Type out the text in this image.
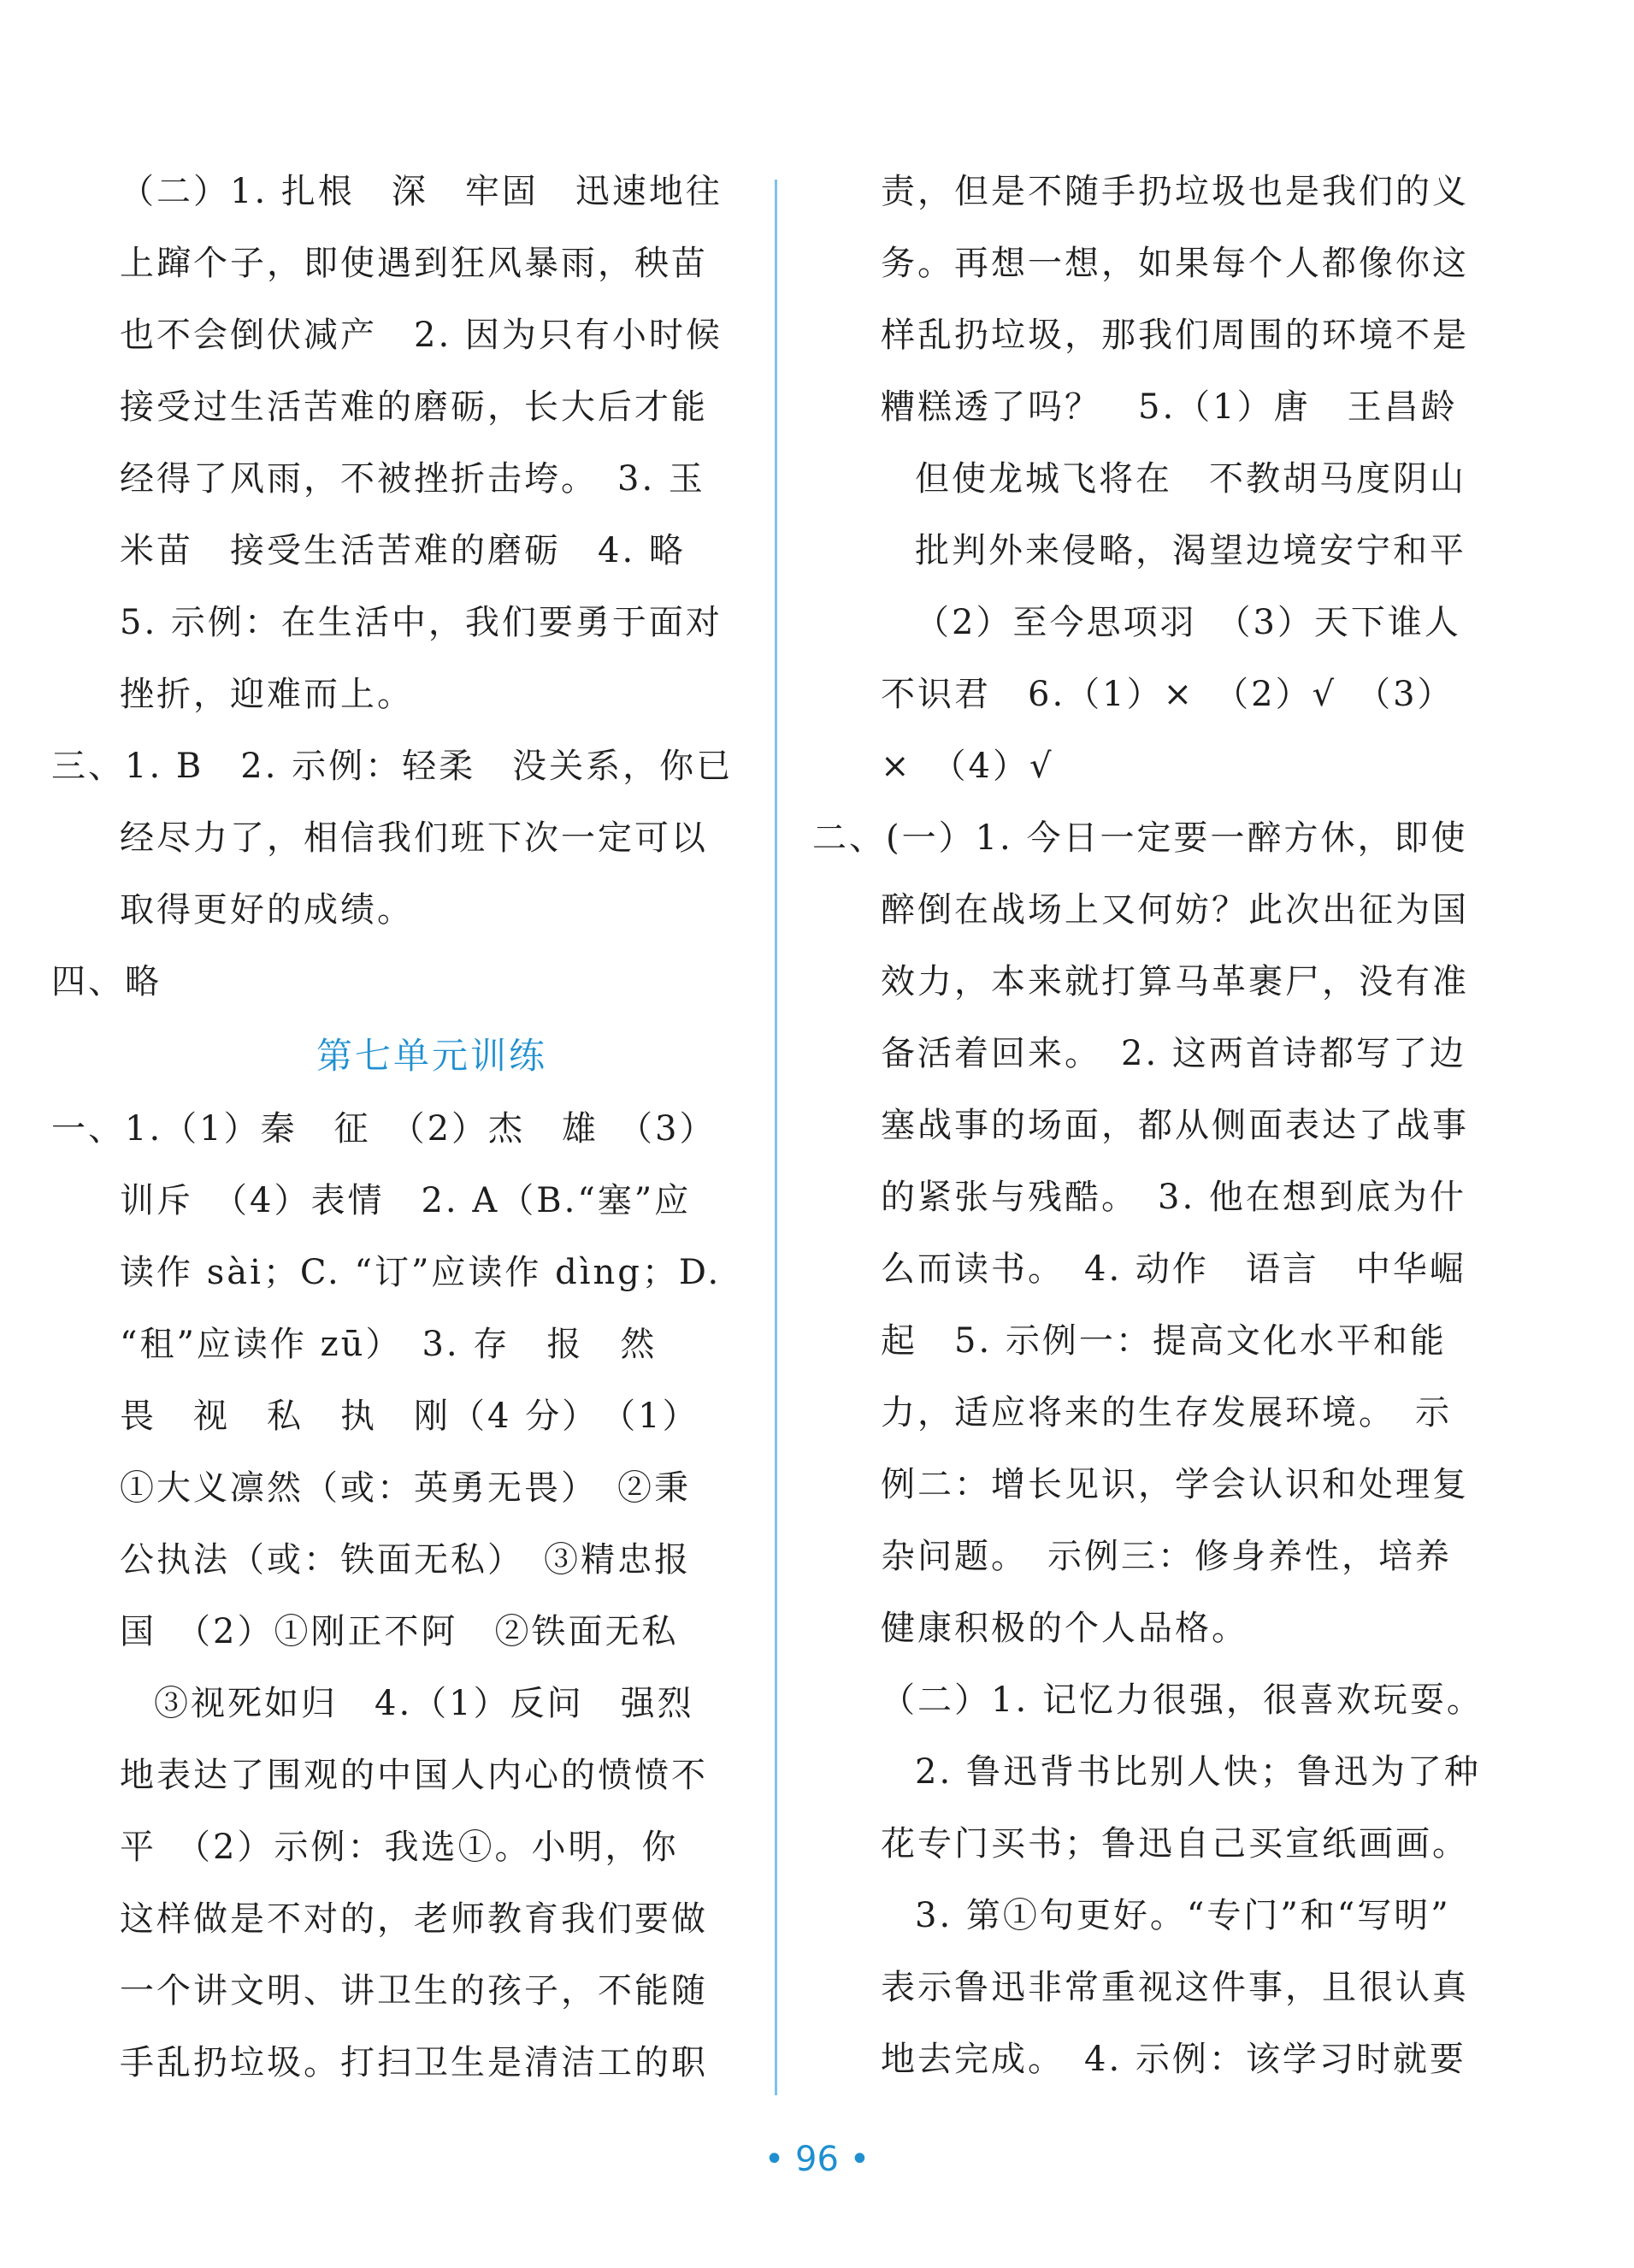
（二）1. 扎根　深　牢固　迅速地往
上蹿个子，即使遇到狂风暴雨，秧苗
也不会倒伏减产　2. 因为只有小时候
接受过生活苦难的磨砺，长大后才能
经得了风雨，不被挫折击垮。　3. 玉
米苗　接受生活苦难的磨砺　4. 略
5. 示例：在生活中，我们要勇于面对
挫折，迎难而上。
三、1. B　2. 示例：轻柔　没关系，你已
经尽力了，相信我们班下次一定可以
取得更好的成绩。
四、略
第七单元训练
一、1.（1）秦　征　（2）杰　雄　（3）
训斥　（4）表情　2. A（B.“塞”应
读作 sài；C. “订”应读作 dìng；D.
“租”应读作 zū）　3. 存　报　然
畏　视　私　执　刚（4 分）　（1）
①大义凛然（或：英勇无畏）　②秉
公执法（或：铁面无私）　③精忠报
国　（2）①刚正不阿　②铁面无私
③视死如归　4.（1）反问　强烈
地表达了围观的中国人内心的愤愤不
平　（2）示例：我选①。小明，你
这样做是不对的，老师教育我们要做
一个讲文明、讲卫生的孩子，不能随
手乱扔垃圾。打扫卫生是清洁工的职
责，但是不随手扔垃圾也是我们的义
务。再想一想，如果每个人都像你这
样乱扔垃圾，那我们周围的环境不是
糟糕透了吗？　5.（1）唐　王昌龄
但使龙城飞将在　不教胡马度阴山
批判外来侵略，渴望边境安宁和平
（2）至今思项羽　（3）天下谁人
不识君　6.（1）×　（2）√　（3）
×　（4）√
二、(一）1. 今日一定要一醉方休，即使
醉倒在战场上又何妨？此次出征为国
效力，本来就打算马革裹尸，没有准
备活着回来。　2. 这两首诗都写了边
塞战事的场面，都从侧面表达了战事
的紧张与残酷。　3. 他在想到底为什
么而读书。　4. 动作　语言　中华崛
起　5. 示例一：提高文化水平和能
力，适应将来的生存发展环境。　示
例二：增长见识，学会认识和处理复
杂问题。　示例三：修身养性，培养
健康积极的个人品格。
（二）1. 记忆力很强，很喜欢玩耍。
2. 鲁迅背书比别人快；鲁迅为了种
花专门买书；鲁迅自己买宣纸画画。
3. 第①句更好。“专门”和“写明”
表示鲁迅非常重视这件事，且很认真
地去完成。　4. 示例：该学习时就要
• 96 •
